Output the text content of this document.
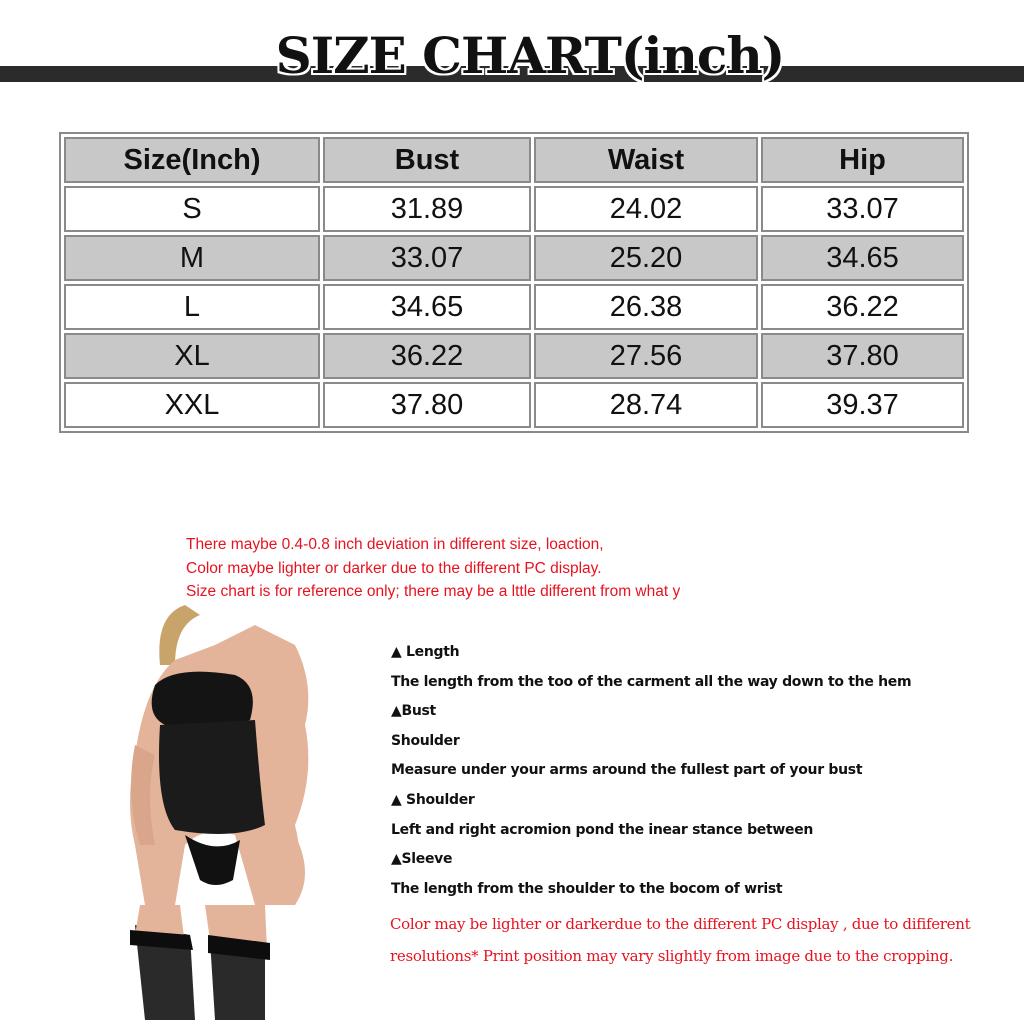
SIZE CHART(inch)
Size(Inch)	Bust	Waist	Hip
S	31.89	24.02	33.07
M	33.07	25.20	34.65
L	34.65	26.38	36.22
XL	36.22	27.56	37.80
XXL	37.80	28.74	39.37
There maybe 0.4-0.8 inch deviation in different size, loaction,
Color maybe lighter or darker due to the different PC display.
Size chart is for reference only; there may be a lttle different from what y
▲ Length
The length from the too of the carment all the way down to the hem
▲Bust
Shoulder
Measure under your arms around the fullest part of your bust
▲ Shoulder
Left and right acromion pond the inear stance between
▲Sleeve
The length from the shoulder to the bocom of wrist
Color may be lighter or darkerdue to the different PC display , due to dififerent
resolutions* Print position may vary slightly from image due to the cropping.
